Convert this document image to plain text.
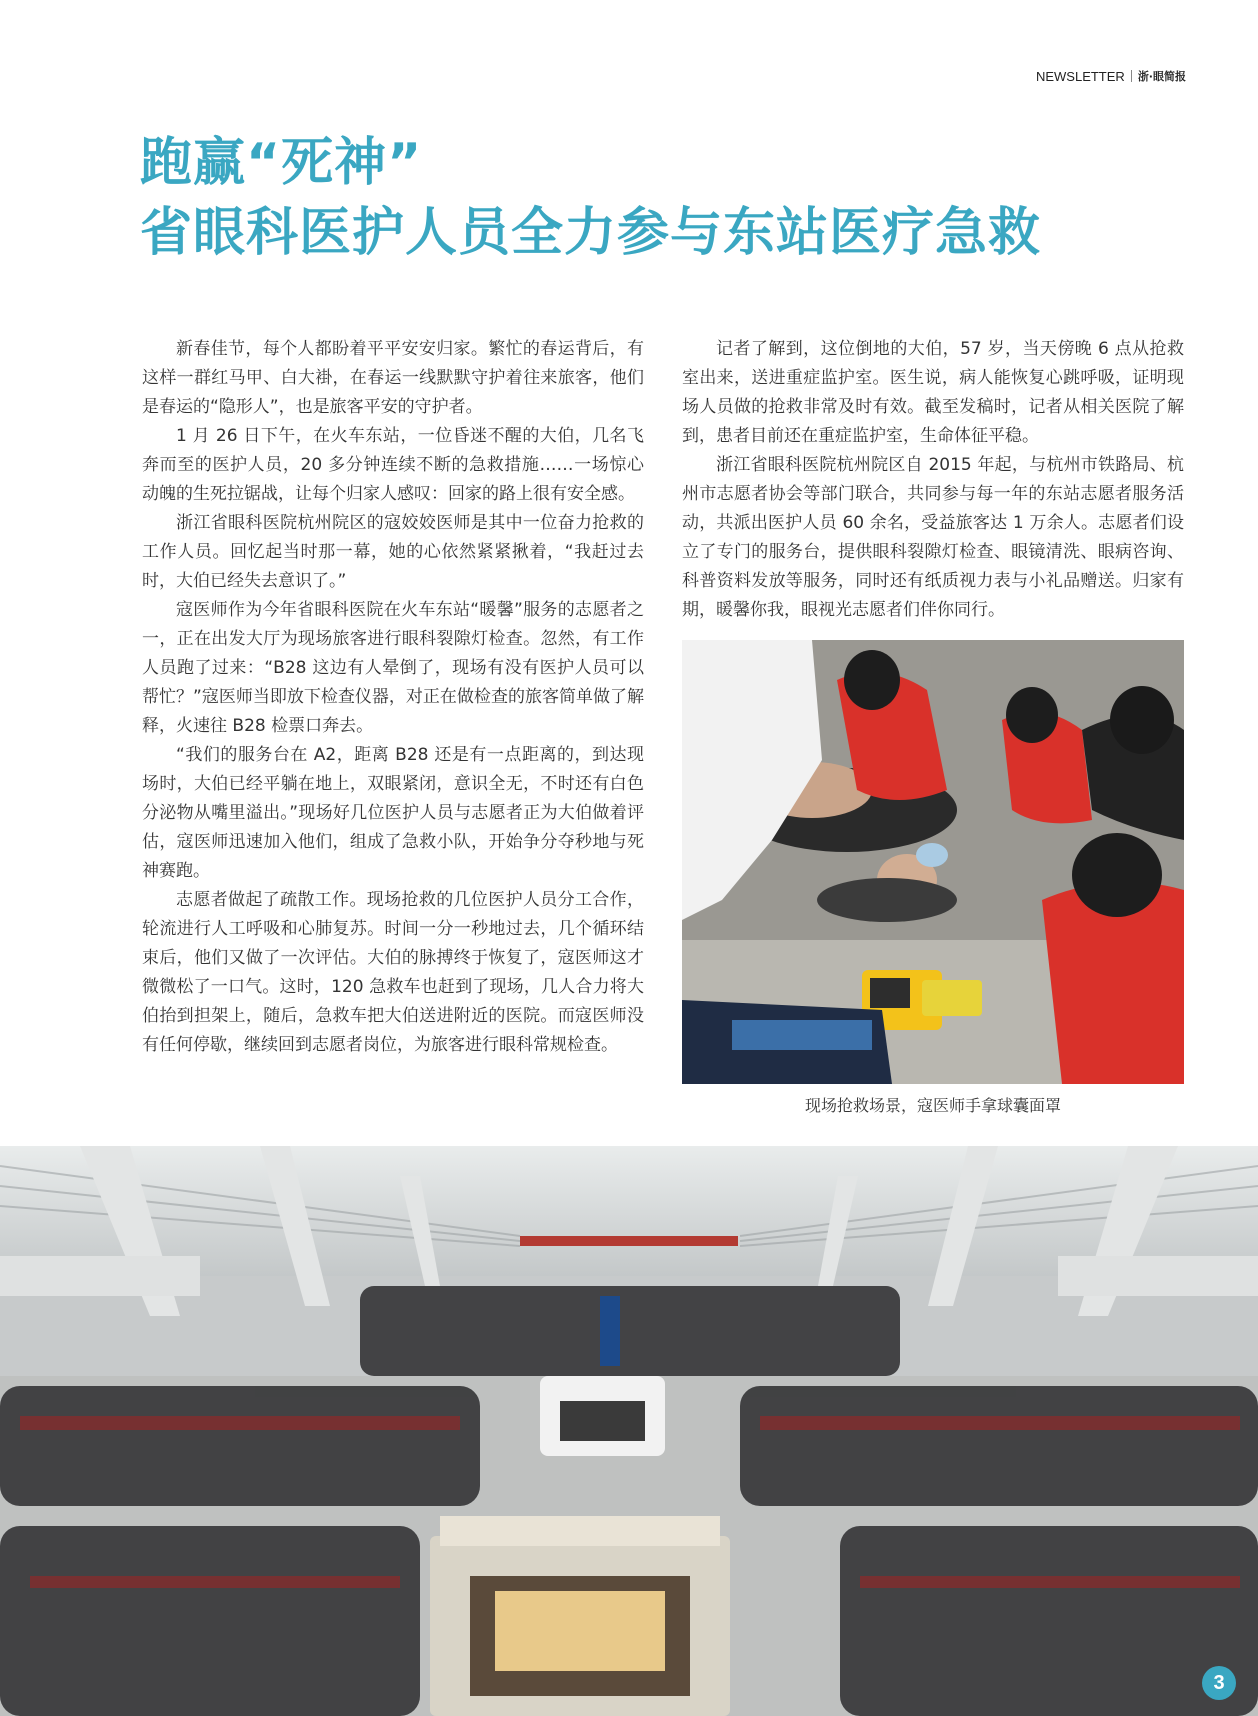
NEWSLETTER 浙·眼简报
跑赢“死神”
省眼科医护人员全力参与东站医疗急救

新春佳节，每个人都盼着平平安安归家。繁忙的春运背后，有这样一群红马甲、白大褂，在春运一线默默守护着往来旅客，他们是春运的“隐形人”，也是旅客平安的守护者。

1 月 26 日下午，在火车东站，一位昏迷不醒的大伯，几名飞奔而至的医护人员，20 多分钟连续不断的急救措施……一场惊心动魄的生死拉锯战，让每个归家人感叹：回家的路上很有安全感。

浙江省眼科医院杭州院区的寇姣姣医师是其中一位奋力抢救的工作人员。回忆起当时那一幕，她的心依然紧紧揪着，“我赶过去时，大伯已经失去意识了。”

寇医师作为今年省眼科医院在火车东站“暖馨”服务的志愿者之一，正在出发大厅为现场旅客进行眼科裂隙灯检查。忽然，有工作人员跑了过来：“B28 这边有人晕倒了，现场有没有医护人员可以帮忙？”寇医师当即放下检查仪器，对正在做检查的旅客简单做了解释，火速往 B28 检票口奔去。

“我们的服务台在 A2，距离 B28 还是有一点距离的，到达现场时，大伯已经平躺在地上，双眼紧闭，意识全无，不时还有白色分泌物从嘴里溢出。”现场好几位医护人员与志愿者正为大伯做着评估，寇医师迅速加入他们，组成了急救小队，开始争分夺秒地与死神赛跑。

志愿者做起了疏散工作。现场抢救的几位医护人员分工合作，轮流进行人工呼吸和心肺复苏。时间一分一秒地过去，几个循环结束后，他们又做了一次评估。大伯的脉搏终于恢复了，寇医师这才微微松了一口气。这时，120 急救车也赶到了现场，几人合力将大伯抬到担架上，随后，急救车把大伯送进附近的医院。而寇医师没有任何停歇，继续回到志愿者岗位，为旅客进行眼科常规检查。

记者了解到，这位倒地的大伯，57 岁，当天傍晚 6 点从抢救室出来，送进重症监护室。医生说，病人能恢复心跳呼吸，证明现场人员做的抢救非常及时有效。截至发稿时，记者从相关医院了解到，患者目前还在重症监护室，生命体征平稳。

浙江省眼科医院杭州院区自 2015 年起，与杭州市铁路局、杭州市志愿者协会等部门联合，共同参与每一年的东站志愿者服务活动，共派出医护人员 60 余名，受益旅客达 1 万余人。志愿者们设立了专门的服务台，提供眼科裂隙灯检查、眼镜清洗、眼病咨询、科普资料发放等服务，同时还有纸质视力表与小礼品赠送。归家有期，暖馨你我，眼视光志愿者们伴你同行。

现场抢救场景，寇医师手拿球囊面罩
3
